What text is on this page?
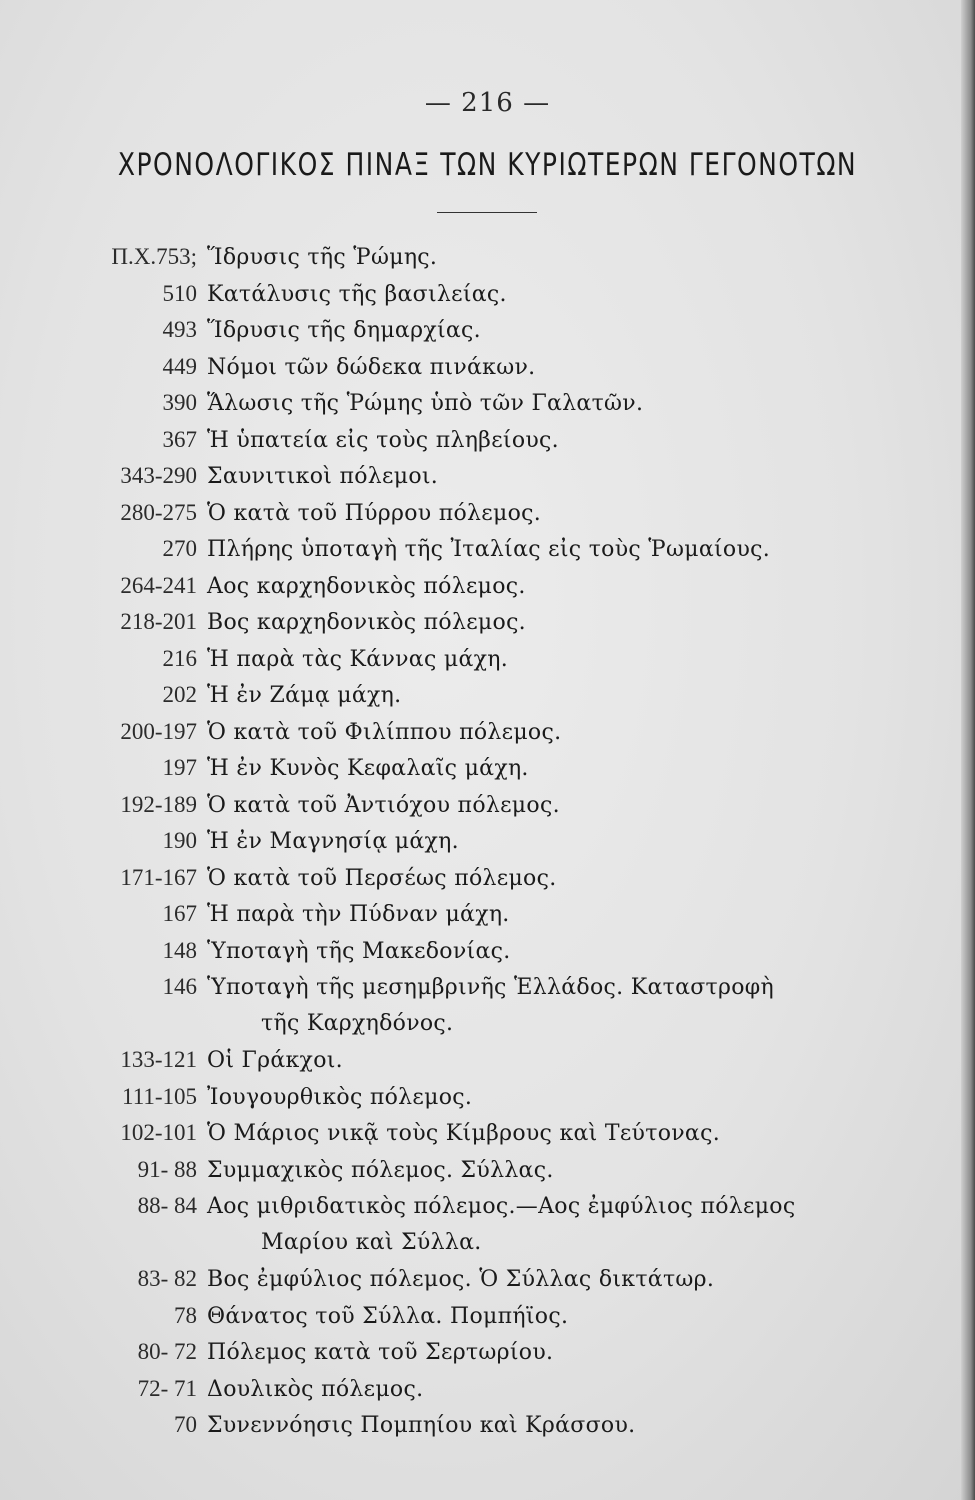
— 216 —
ΧΡΟΝΟΛΟΓΙΚΟΣ ΠΙΝΑΞ ΤΩΝ ΚΥΡΙΩΤΕΡΩΝ ΓΕΓΟΝΟΤΩΝ
Π.Χ.753; Ἵδρυσις τῆς Ῥώμης.
510 Κατάλυσις τῆς βασιλείας.
493 Ἵδρυσις τῆς δημαρχίας.
449 Νόμοι τῶν δώδεκα πινάκων.
390 Ἅλωσις τῆς Ῥώμης ὑπὸ τῶν Γαλατῶν.
367 Ἡ ὑπατεία εἰς τοὺς πληβείους.
343-290 Σαυνιτικοὶ πόλεμοι.
280-275 Ὁ κατὰ τοῦ Πύρρου πόλεμος.
270 Πλήρης ὑποταγὴ τῆς Ἰταλίας εἰς τοὺς Ῥωμαίους.
264-241 Αος καρχηδονικὸς πόλεμος.
218-201 Βος καρχηδονικὸς πόλεμος.
216 Ἡ παρὰ τὰς Κάννας μάχη.
202 Ἡ ἐν Ζάμᾳ μάχη.
200-197 Ὁ κατὰ τοῦ Φιλίππου πόλεμος.
197 Ἡ ἐν Κυνὸς Κεφαλαῖς μάχη.
192-189 Ὁ κατὰ τοῦ Ἀντιόχου πόλεμος.
190 Ἡ ἐν Μαγνησίᾳ μάχη.
171-167 Ὁ κατὰ τοῦ Περσέως πόλεμος.
167 Ἡ παρὰ τὴν Πύδναν μάχη.
148 Ὑποταγὴ τῆς Μακεδονίας.
146 Ὑποταγὴ τῆς μεσημβρινῆς Ἑλλάδος. Καταστροφὴ
τῆς Καρχηδόνος.
133-121 Οἱ Γράκχοι.
111-105 Ἰουγουρθικὸς πόλεμος.
102-101 Ὁ Μάριος νικᾷ τοὺς Κίμβρους καὶ Τεύτονας.
91- 88 Συμμαχικὸς πόλεμος. Σύλλας.
88- 84 Αος μιθριδατικὸς πόλεμος.—Αος ἐμφύλιος πόλεμος
Μαρίου καὶ Σύλλα.
83- 82 Βος ἐμφύλιος πόλεμος. Ὁ Σύλλας δικτάτωρ.
78 Θάνατος τοῦ Σύλλα. Πομπήϊος.
80- 72 Πόλεμος κατὰ τοῦ Σερτωρίου.
72- 71 Δουλικὸς πόλεμος.
70 Συνεννόησις Πομπηίου καὶ Κράσσου.
